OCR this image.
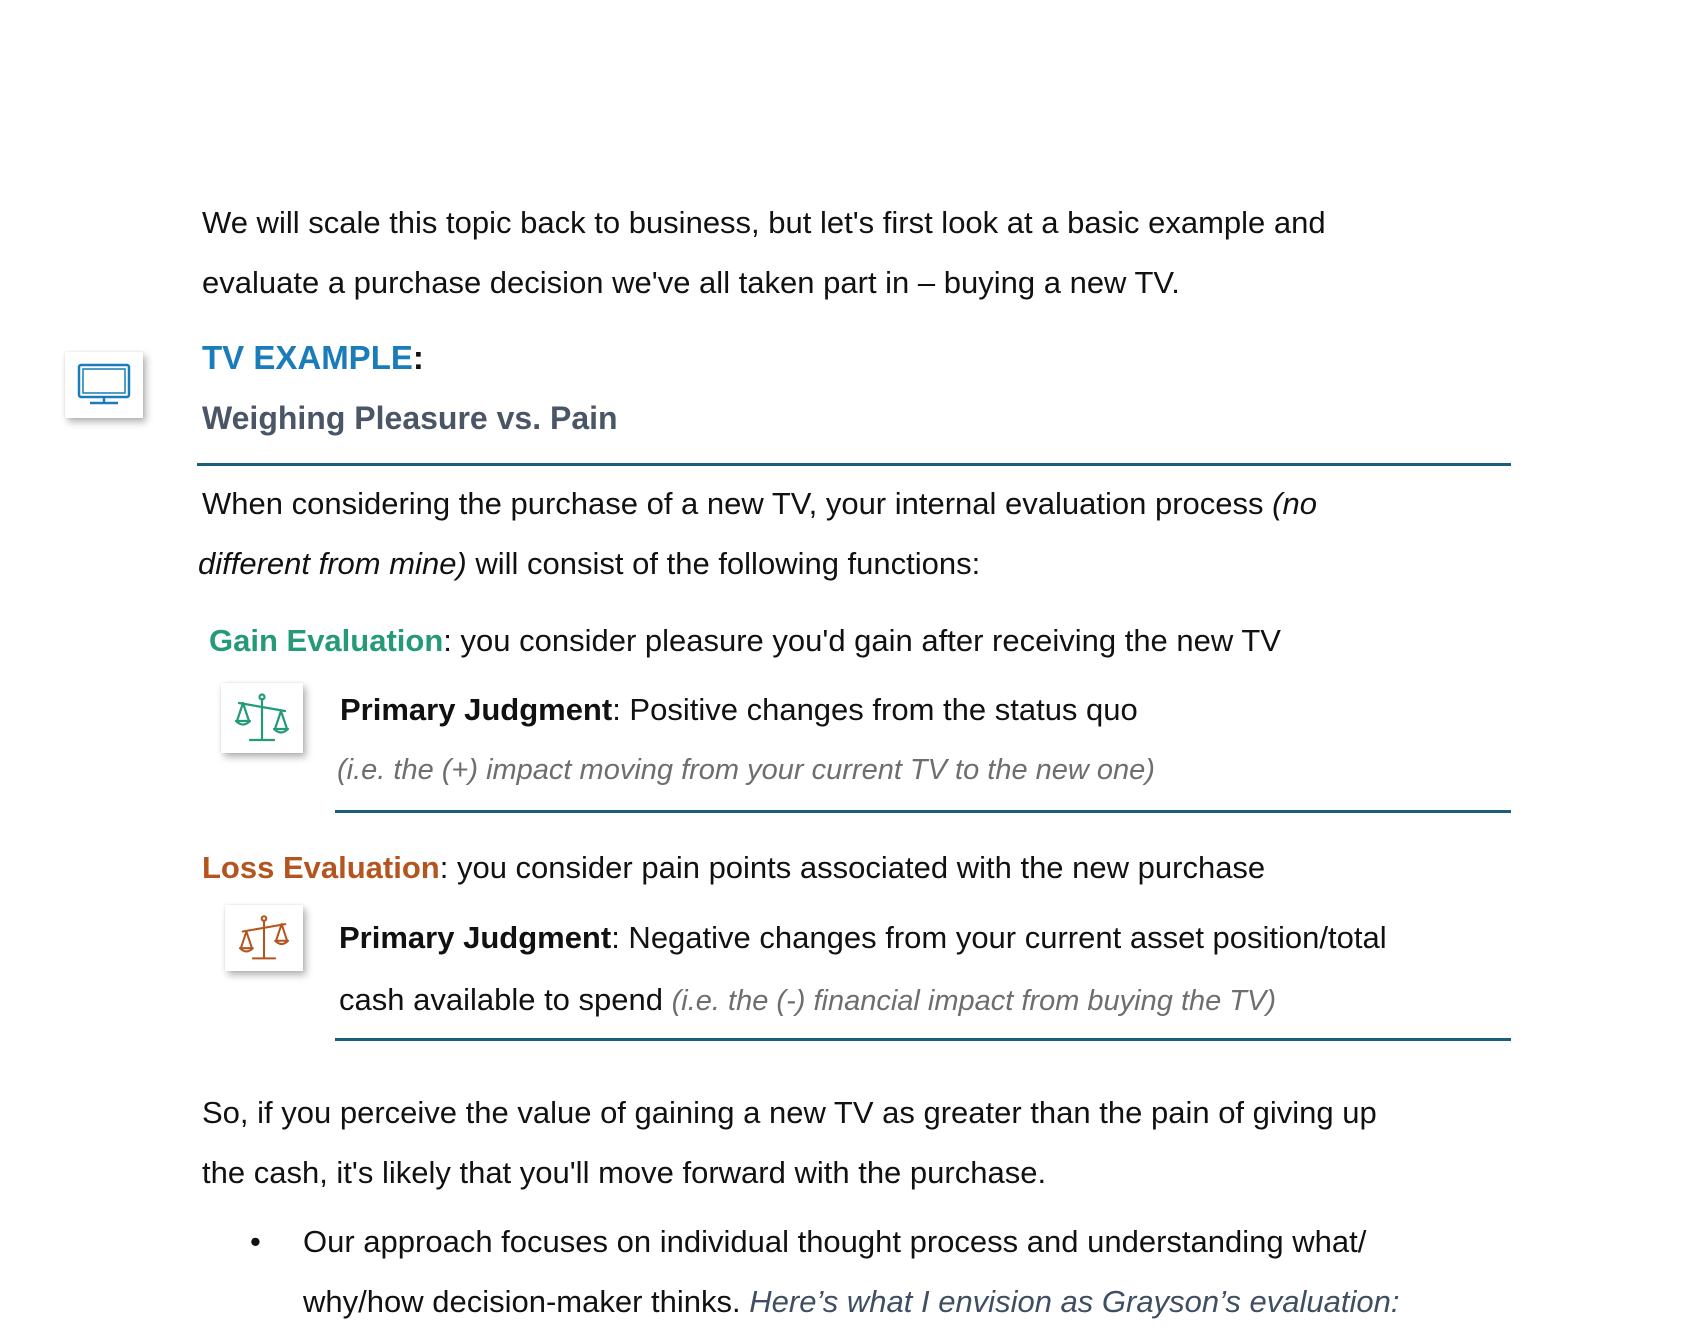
We will scale this topic back to business, but let's first look at a basic example and
evaluate a purchase decision we've all taken part in – buying a new TV.
TV EXAMPLE:
Weighing Pleasure vs. Pain
When considering the purchase of a new TV, your internal evaluation process (no
different from mine) will consist of the following functions:
Gain Evaluation: you consider pleasure you'd gain after receiving the new TV
Primary Judgment: Positive changes from the status quo
(i.e. the (+) impact moving from your current TV to the new one)
Loss Evaluation: you consider pain points associated with the new purchase
Primary Judgment: Negative changes from your current asset position/total
cash available to spend (i.e. the (-) financial impact from buying the TV)
So, if you perceive the value of gaining a new TV as greater than the pain of giving up
the cash, it's likely that you'll move forward with the purchase.
• Our approach focuses on individual thought process and understanding what/
why/how decision-maker thinks. Here’s what I envision as Grayson’s evaluation:
